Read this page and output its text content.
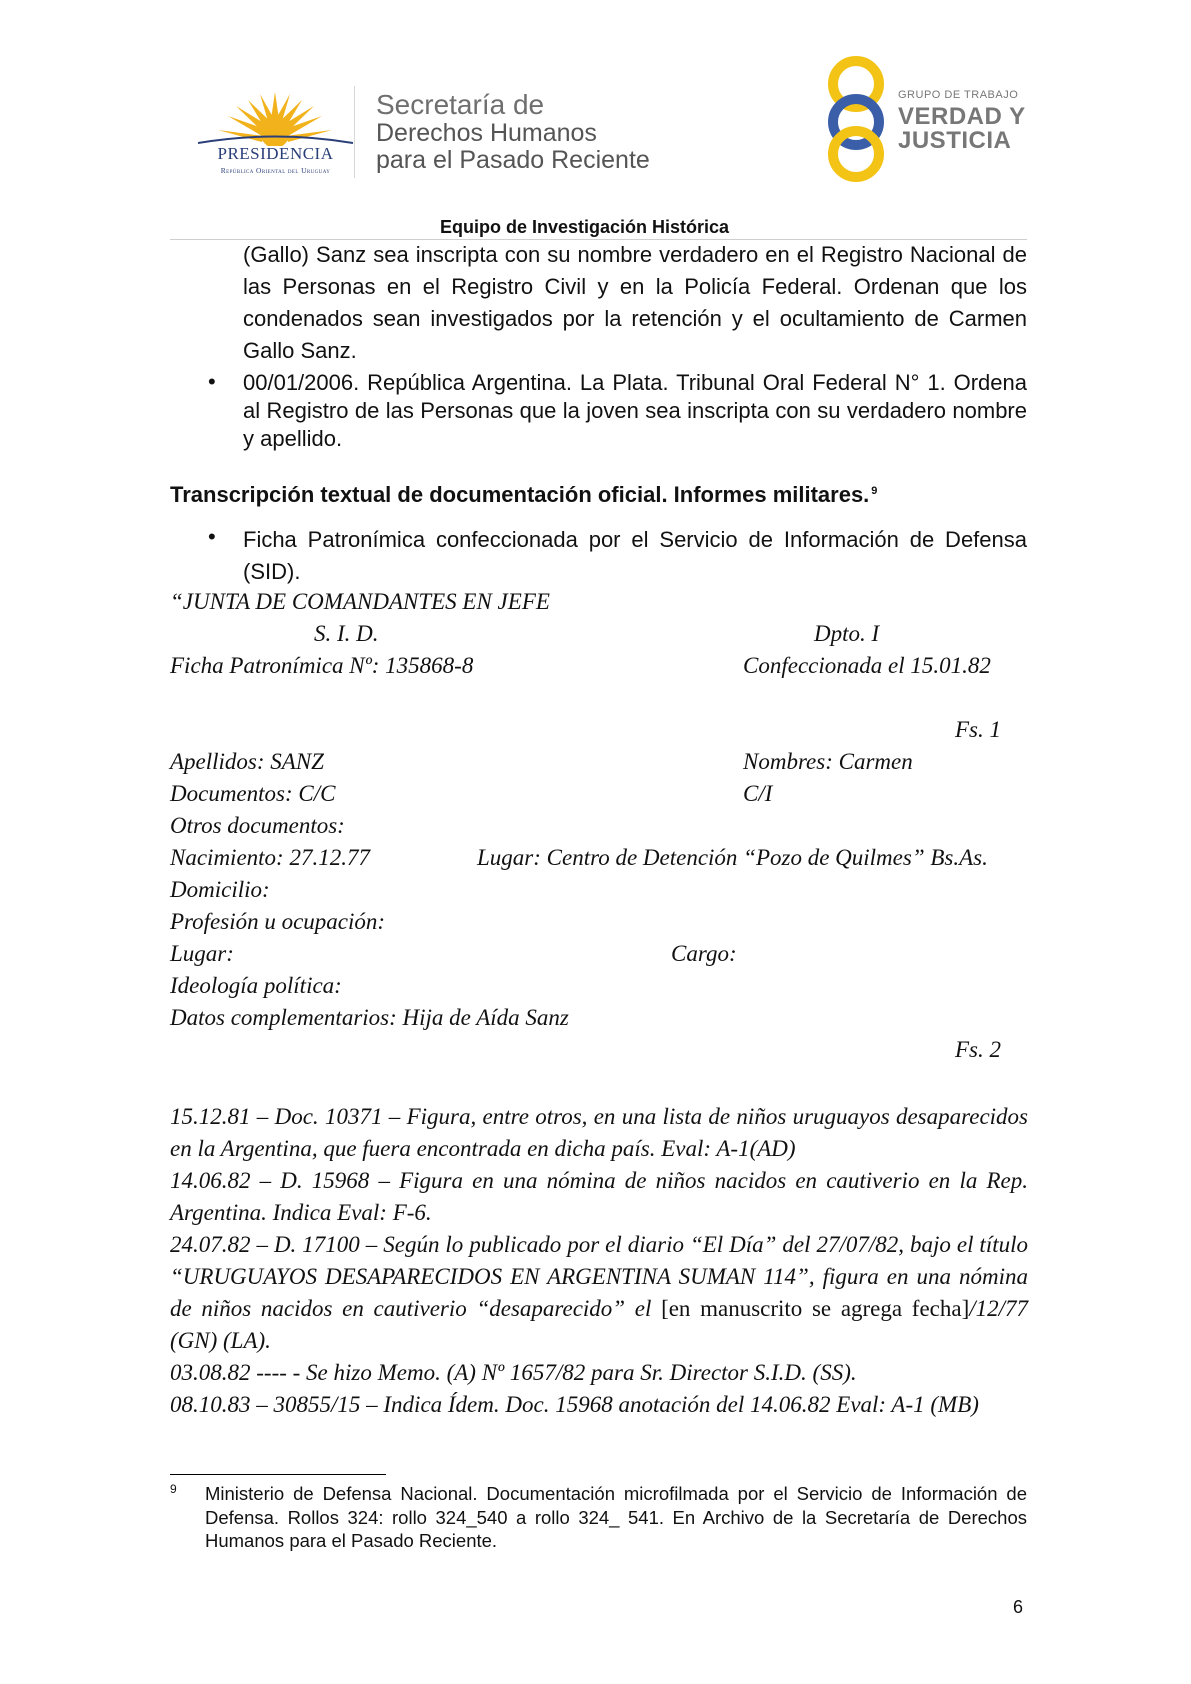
PRESIDENCIA
República Oriental del Uruguay
Secretaría de
Derechos Humanos
para el Pasado Reciente
GRUPO DE TRABAJO
VERDAD Y
JUSTICIA
Equipo de Investigación Histórica
(Gallo) Sanz sea inscripta con su nombre verdadero en el Registro Nacional de las Personas en el Registro Civil y en la Policía Federal. Ordenan que los condenados sean investigados por la retención y el ocultamiento de Carmen Gallo Sanz.
• 00/01/2006. República Argentina. La Plata. Tribunal Oral Federal N° 1. Ordena al Registro de las Personas que la joven sea inscripta con su verdadero nombre y apellido.
Transcripción textual de documentación oficial. Informes militares. $^9$
• Ficha Patronímica confeccionada por el Servicio de Información de Defensa (SID).
“JUNTA DE COMANDANTES EN JEFE
S. I. D.	Dpto. I
Ficha Patronímica Nº: 135868-8	Confeccionada el 15.01.82
Fs. 1
Apellidos: SANZ	Nombres: Carmen
Documentos: C/C	C/I
Otros documentos:
Nacimiento: 27.12.77	Lugar: Centro de Detención “Pozo de Quilmes” Bs.As.
Domicilio:
Profesión u ocupación:
Lugar:	Cargo:
Ideología política:
Datos complementarios: Hija de Aída Sanz
Fs. 2
15.12.81 – Doc. 10371 – Figura, entre otros, en una lista de niños uruguayos desaparecidos en la Argentina, que fuera encontrada en dicha país. Eval: A-1(AD)
14.06.82 – D. 15968 – Figura en una nómina de niños nacidos en cautiverio en la Rep. Argentina. Indica Eval: F-6.
24.07.82 – D. 17100 – Según lo publicado por el diario “El Día” del 27/07/82, bajo el título “URUGUAYOS DESAPARECIDOS EN ARGENTINA SUMAN 114”, figura en una nómina de niños nacidos en cautiverio “desaparecido” el [en manuscrito se agrega fecha]/12/77 (GN) (LA).
03.08.82 ---- - Se hizo Memo. (A) Nº 1657/82 para Sr. Director S.I.D. (SS).
08.10.83 – 30855/15 – Indica Ídem. Doc. 15968 anotación del 14.06.82 Eval: A-1 (MB)
9 Ministerio de Defensa Nacional. Documentación microfilmada por el Servicio de Información de Defensa. Rollos 324: rollo 324_540 a rollo 324_ 541. En Archivo de la Secretaría de Derechos Humanos para el Pasado Reciente.
6
